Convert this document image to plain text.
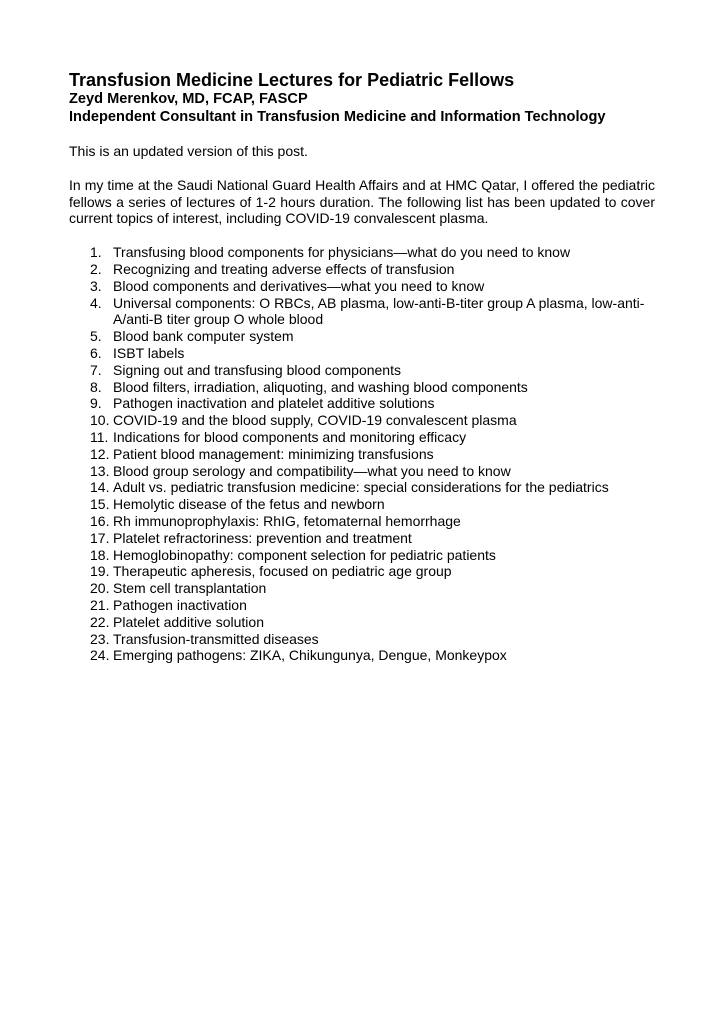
Transfusion Medicine Lectures for Pediatric Fellows
Zeyd Merenkov, MD, FCAP, FASCP
Independent Consultant in Transfusion Medicine and Information Technology

This is an updated version of this post.

In my time at the Saudi National Guard Health Affairs and at HMC Qatar, I offered the pediatric fellows a series of lectures of 1-2 hours duration. The following list has been updated to cover current topics of interest, including COVID-19 convalescent plasma.

1. Transfusing blood components for physicians—what do you need to know
2. Recognizing and treating adverse effects of transfusion
3. Blood components and derivatives—what you need to know
4. Universal components: O RBCs, AB plasma, low-anti-B-titer group A plasma, low-anti-A/anti-B titer group O whole blood
5. Blood bank computer system
6. ISBT labels
7. Signing out and transfusing blood components
8. Blood filters, irradiation, aliquoting, and washing blood components
9. Pathogen inactivation and platelet additive solutions
10. COVID-19 and the blood supply, COVID-19 convalescent plasma
11. Indications for blood components and monitoring efficacy
12. Patient blood management: minimizing transfusions
13. Blood group serology and compatibility—what you need to know
14. Adult vs. pediatric transfusion medicine: special considerations for the pediatrics
15. Hemolytic disease of the fetus and newborn
16. Rh immunoprophylaxis: RhIG, fetomaternal hemorrhage
17. Platelet refractoriness: prevention and treatment
18. Hemoglobinopathy: component selection for pediatric patients
19. Therapeutic apheresis, focused on pediatric age group
20. Stem cell transplantation
21. Pathogen inactivation
22. Platelet additive solution
23. Transfusion-transmitted diseases
24. Emerging pathogens: ZIKA, Chikungunya, Dengue, Monkeypox
